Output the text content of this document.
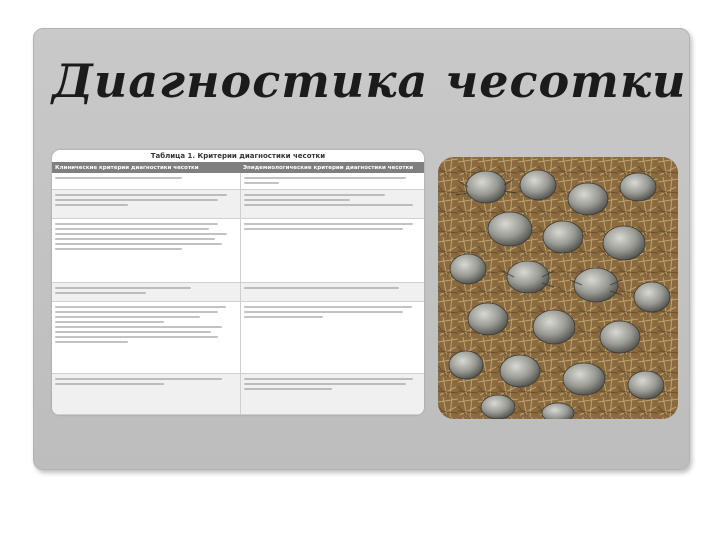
Диагностика чесотки
Таблица 1. Критерии диагностики чесотки
Клинические критерии диагностики чесотки	Эпидемиологические критерии диагностики чесотки
